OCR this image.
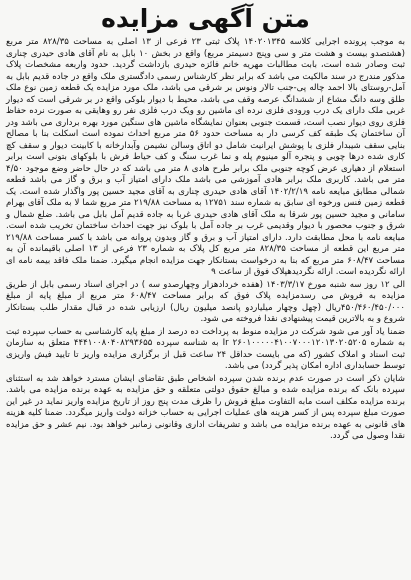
متن آگهی مزایده

به موجب پرونده اجرایی کلاسه ۱۴۰۲۰۱۳۴۵ پلاک ثبتی ۲۳ فرعی از ۱۳ اصلی به مساحت ۸۲۸/۳۵ متر مربع (هشتصدو بیست و هشت متر و سی وپنج دسیمتر مربع) واقع در بخش ۱۰ بابل به نام آقای هادی حیدری چناری ثبت وصادر شده است، بابت مطالبات مهریه خانم فائزه حیدری بازداشت گردید. حدود واربعه مشخصات پلاک مذکور مندرج در سند مالکیت می باشد که برابر نظر کارشناس رسمی دادگستری ملک واقع در جاده قدیم بابل به آمل-روستای بالا احمد چاله پی-جنب تالار ونوس بر شرقی می باشد، ملک مورد مزایده یک قطعه زمین نوع ملک طلق وسه دانگ مشاع از ششدانگ عرصه وقف می باشد، محیط با دیوار بلوکی واقع در بر شرقی است که دیوار غربی ملک دارای یک درب ورودی فلزی نرده ای ماشین رو ویک درب فلزی نفر رو وهایقی به صورت نرده حفاظ فلزی روی دیوار نصب است، قسمت جنوبی بعنوان نمایشگاه ماشین های سنگین مورد بهره برداری می باشد ودر آن ساختمان یک طبقه کف کرسی دار به مساحت حدود ۵۶ متر مربع احداث نموده است اسکلت بنا با مصالح بنایی سقف شیبدار فلزی با پوشش ایرانیت شامل دو اتاق وسالن نشیمن وآبدارخانه با کابینت دیوار و سقف کچ کاری شده درها چوبی و پنجره آلو مینیوم پله و نما غرب سنگ و کف حیاط فرش با بلوکهای بتونی است برابر استعلام از دهیاری عرض کوچه جنوبی ملک برابر طرح هادی ۸ متر می باشد که در حال حاضر وضع موجود ۴/۵۰ متر می باشد. کاربری ملک برابر هادی آموزشی می باشد ملک دارای امتیاز آب و برق و گاز می باشد قطعه شمالی مطابق مبایعه نامه ۱۴۰۲/۲/۱۹ آقای هادی حیدری چناری به آقای مجید حسین پور واگذار شده است. یک قطعه زمین فنس ورخوه ای سابق به شماره سند ۱۲۷۵۱ به مساحت ۲۱۹/۸۸ متر مربع شما لا به ملک آقای بهرام سامانی و مجید حسین پور شرقا به ملک آقای هادی حیدری غربا به جاده قدیم آمل بابل می باشد. ضلع شمال و شرق و جنوب محصور با دیوار وقدیمی غرب بر جاده آمل با بلوک نیز جهت احداث ساختمان تخریب شده است. مبایعه نامه با محل مطابقت دارد. دارای امتیاز آب و برق و گاز وبدون پروانه می باشد با کسر مساحت ۲۱۹/۸۸ متر مربع این قطعه از مساحت ۸۲۸/۳۵ متر مربع کل پلاک به شماره ۲۳ فرعی از ۱۳ اصلی باقیمانده آن به مساحت ۶۰۸/۴۷ متر مربع که بنا به درخواست بستانکار جهت مزایده انجام میگیرد. ضمنا ملک فاقد بیمه نامه ای ارائه نگردیده است. ارائه نگردیدهپلاک فوق از ساعت ۹

الی ۱۲ روز سه شنبه مورخ ۱۴۰۳/۳/۱۷ (هفده خردادهزار وچهارصدو سه ) در اجرای اسناد رسمی بابل از طریق مزایده به فروش می رسدمزایده پلاک فوق که برابر مساحت ۶۰۸/۴۷ متر مربع از مبلغ پایه از مبلغ ۴۵۰/۴۶۰/۴۵۰/۰۰۰ریال (چهل وچهار میلیاردو پانصد میلیون ریال) ارزیابی شده در قبال مقدار طلب بستانکار شروع و به بالاترین قیمت پیشنهادی نقدا فروخته می شود.

ضمنا یاد آور می شود شرکت در مزایده منوط به پرداخت ده درصد از مبلغ پایه کارشناسی به حساب سپرده ثبت به شماره Ir ۲۶۰۱۰۰۰۰۰۴۱۰۰۷۰۰۰۱۲۰۱۳۰۲۰۵۲۰۵ به شناسه سپرده ۴۴۴۱۰۰۸۰۴۰۸۲۹۳۶۵۵ متعلق به سازمان ثبت اسناد و املاک کشور (که می بایست حداقل ۲۴ ساعت قبل از برگزاری مزایده واریز تا تایید فیش واریزی توسط حسابداری اداره امکان پذیر گردد) می باشد.

شایان ذکر است در صورت عدم برنده شدن سپرده اشخاص طبق تقاضای ایشان مسترد خواهد شد به استثنای سپرده بانک که برنده مزایده شده و مبالغ حقوق دولتی متعلقه و حق مزایده به عهده برنده مزایده می باشد. برنده مزایده مکلف است مابه التفاوت مبلغ فروش را ظرف مدت پنج روز از تاریخ مزایده واریز نماید در غیر این صورت مبلغ سپرده پس از کسر هزینه های عملیات اجرایی به حساب خزانه دولت واریز میگردد. ضمنا کلیه هزینه های قانونی به عهده برنده مزایده می باشد و تشریفات اداری وقانونی زمانبر خواهد بود. نیم عشر و حق مزایده نقدا وصول می گردد.
